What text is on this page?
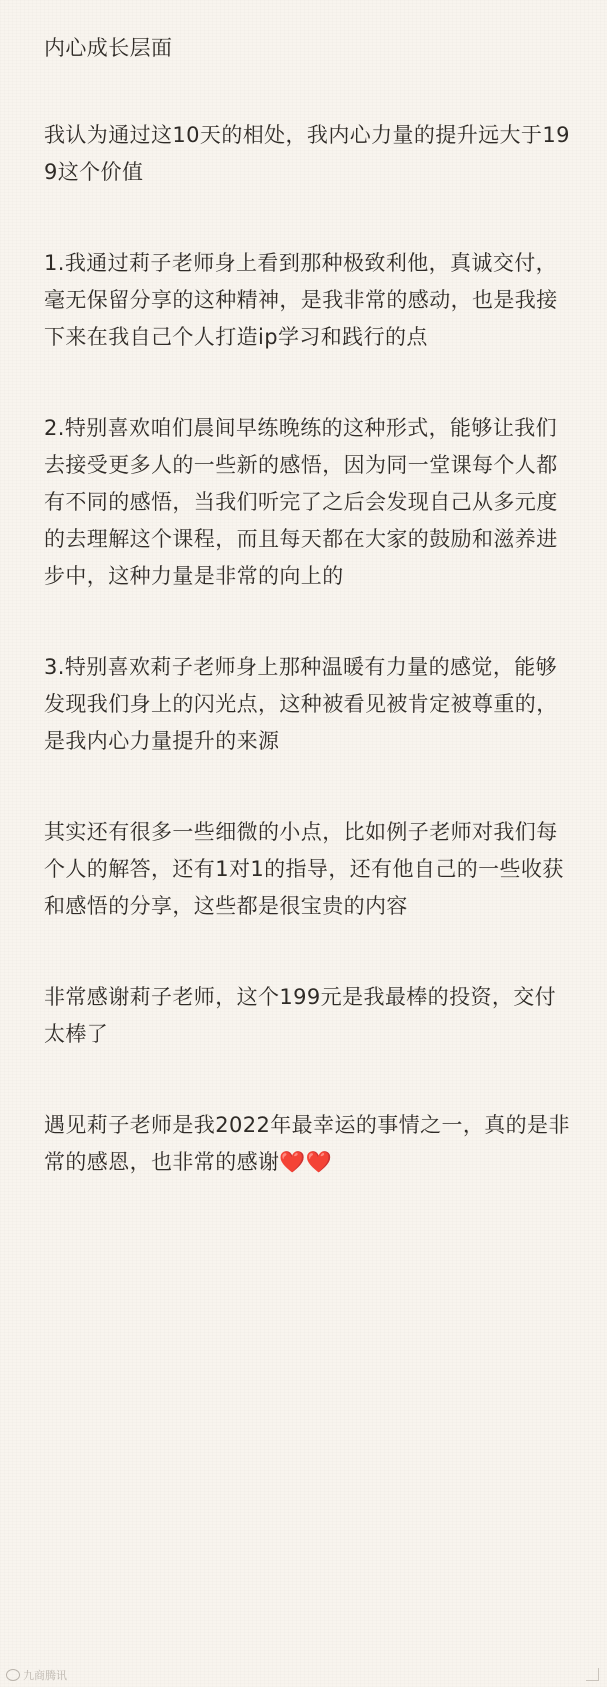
内心成长层面

我认为通过这10天的相处，我内心力量的提升远大于199这个价值

1.我通过莉子老师身上看到那种极致利他，真诚交付，毫无保留分享的这种精神，是我非常的感动，也是我接下来在我自己个人打造ip学习和践行的点

2.特别喜欢咱们晨间早练晚练的这种形式，能够让我们去接受更多人的一些新的感悟，因为同一堂课每个人都有不同的感悟，当我们听完了之后会发现自己从多元度的去理解这个课程，而且每天都在大家的鼓励和滋养进步中，这种力量是非常的向上的

3.特别喜欢莉子老师身上那种温暖有力量的感觉，能够发现我们身上的闪光点，这种被看见被肯定被尊重的，是我内心力量提升的来源

其实还有很多一些细微的小点，比如例子老师对我们每个人的解答，还有1对1的指导，还有他自己的一些收获和感悟的分享，这些都是很宝贵的内容

非常感谢莉子老师，这个199元是我最棒的投资，交付太棒了

遇见莉子老师是我2022年最幸运的事情之一，真的是非常的感恩，也非常的感谢❤️❤️

九商腾讯
